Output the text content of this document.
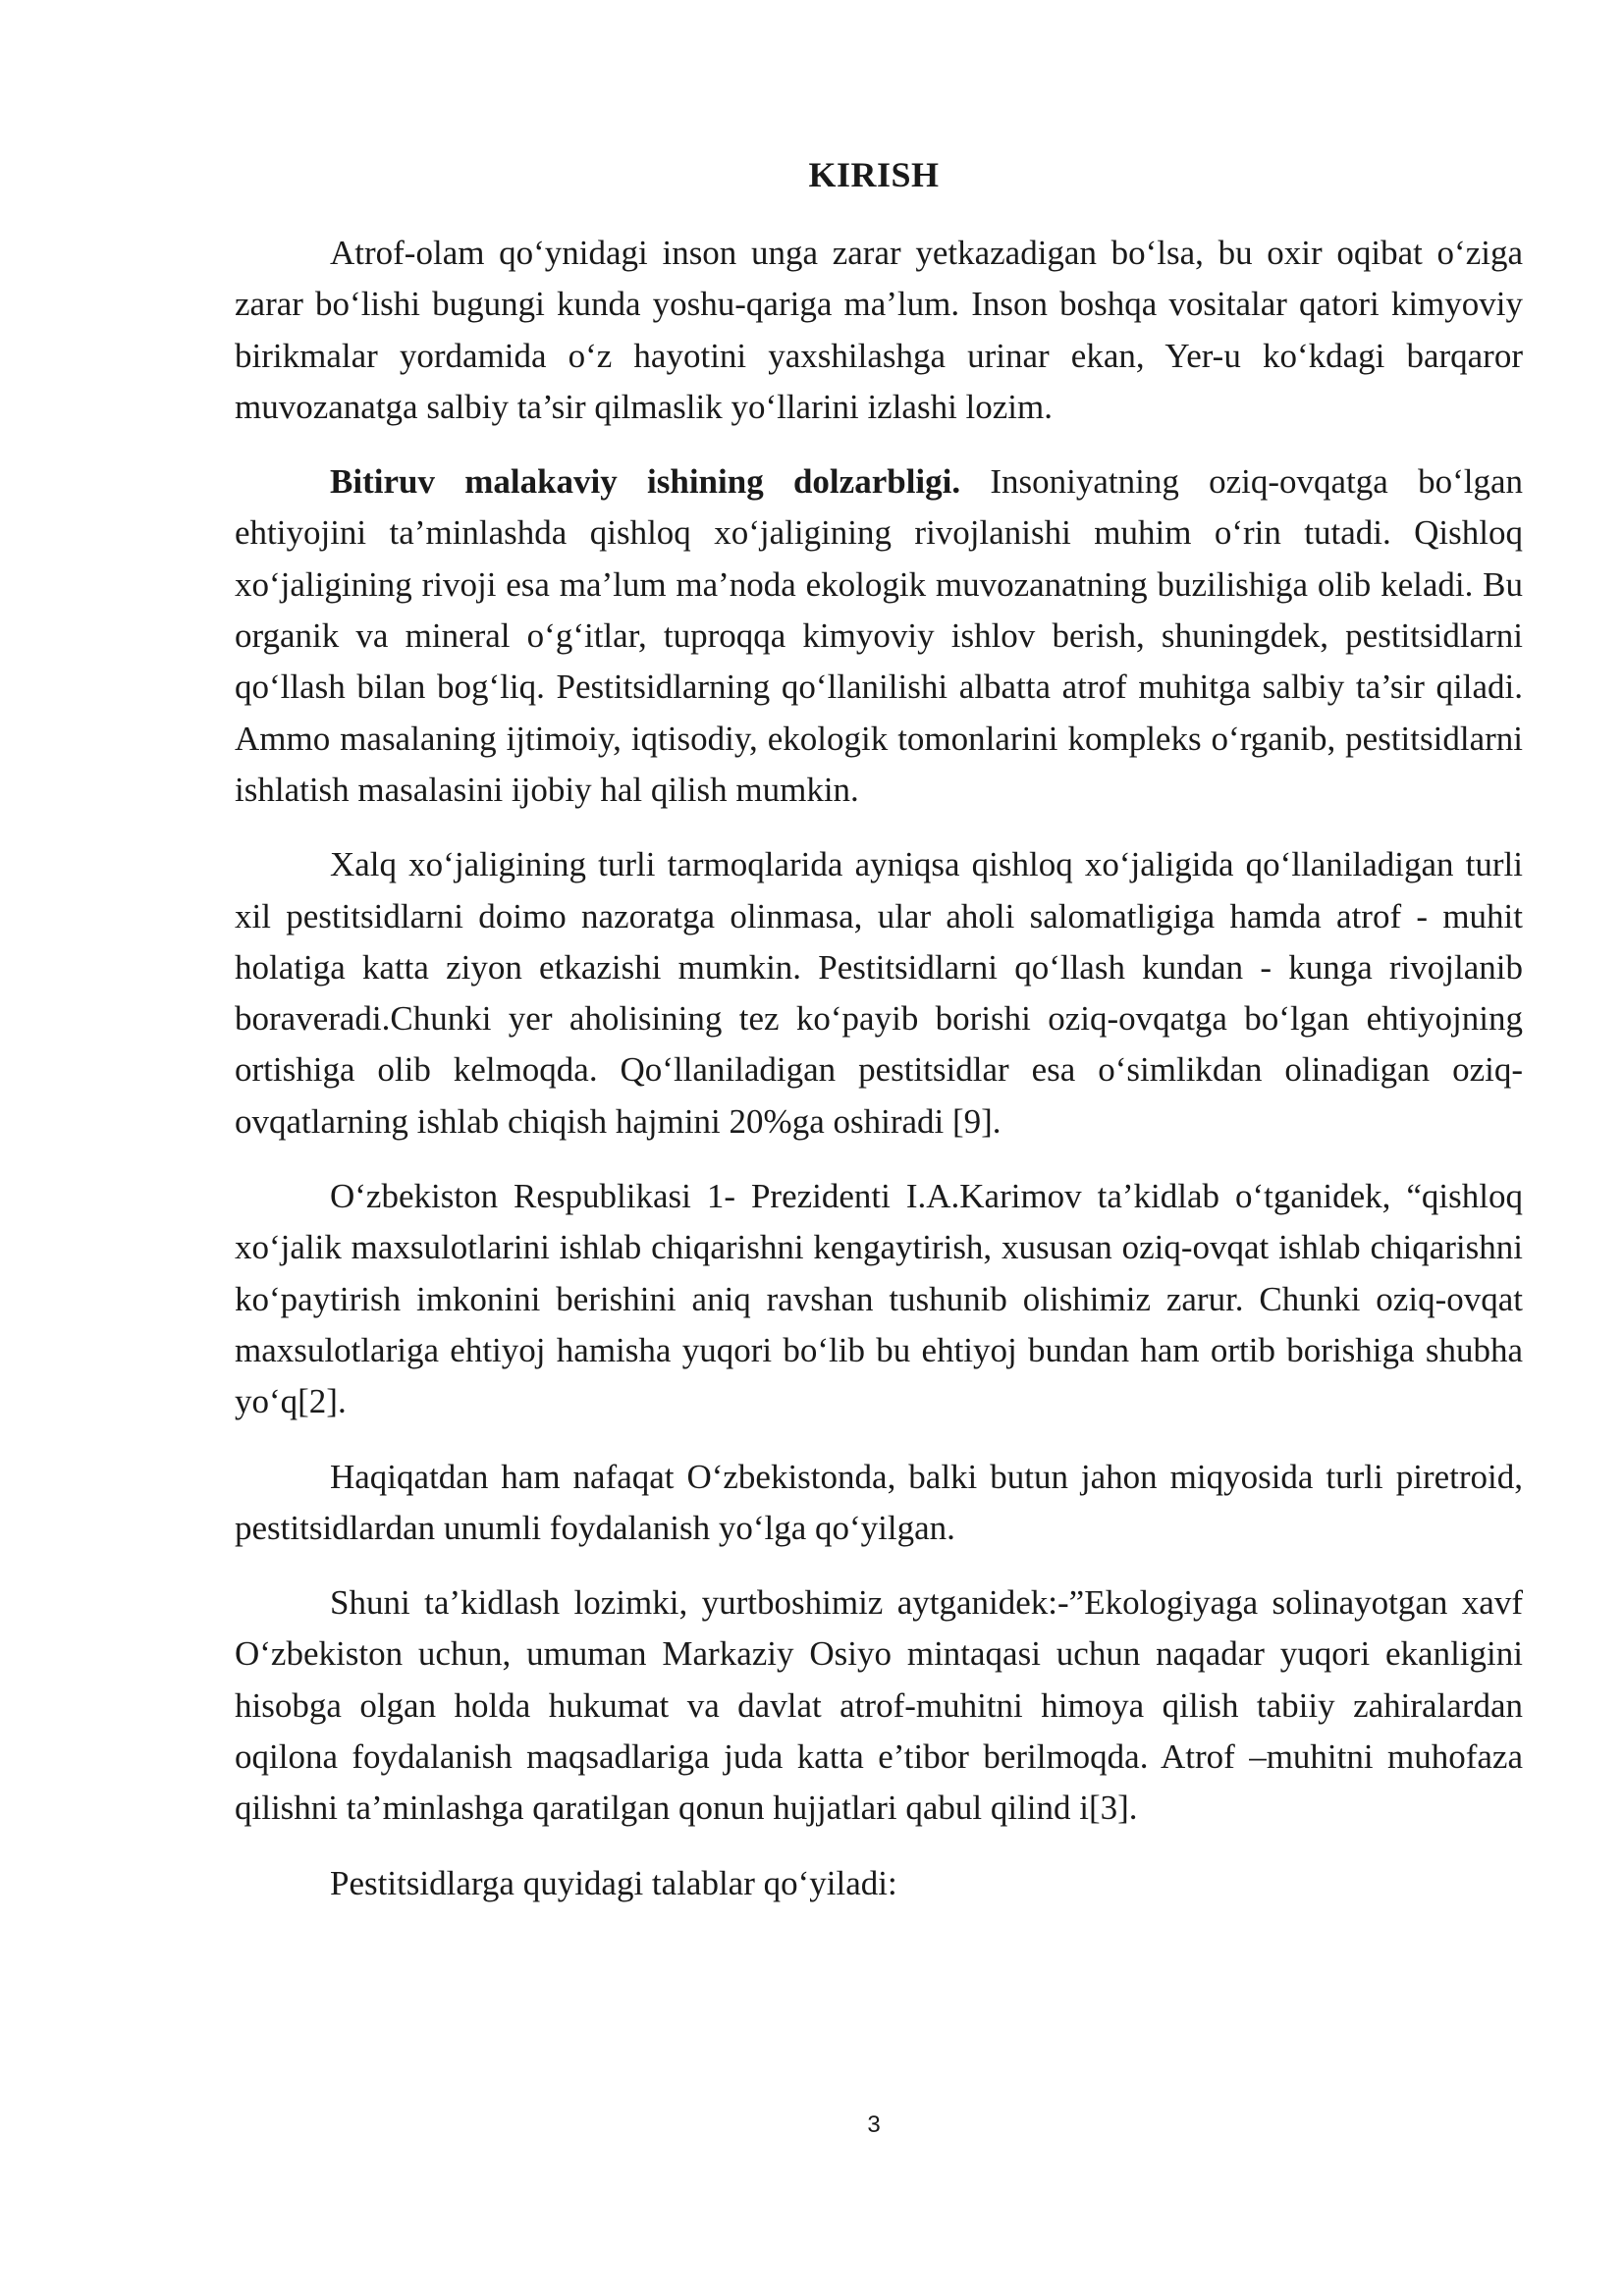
KIRISH

Atrof-olam qo‘ynidagi inson unga zarar yetkazadigan bo‘lsa, bu oxir oqibat o‘ziga zarar bo‘lishi bugungi kunda yoshu-qariga ma’lum. Inson boshqa vositalar qatori kimyoviy birikmalar yordamida o‘z hayotini yaxshilashga urinar ekan, Yer-u ko‘kdagi barqaror muvozanatga salbiy ta’sir qilmaslik yo‘llarini izlashi lozim.

Bitiruv malakaviy ishining dolzarbligi. Insoniyatning oziq-ovqatga bo‘lgan ehtiyojini ta’minlashda qishloq xo‘jaligining rivojlanishi muhim o‘rin tutadi. Qishloq xo‘jaligining rivoji esa ma’lum ma’noda ekologik muvozanatning buzilishiga olib keladi. Bu organik va mineral o‘g‘itlar, tuproqqa kimyoviy ishlov berish, shuningdek, pestitsidlarni qo‘llash bilan bog‘liq. Pestitsidlarning qo‘llanilishi albatta atrof muhitga salbiy ta’sir qiladi. Ammo masalaning ijtimoiy, iqtisodiy, ekologik tomonlarini kompleks o‘rganib, pestitsidlarni ishlatish masalasini ijobiy hal qilish mumkin.

Xalq xo‘jaligining turli tarmoqlarida ayniqsa qishloq xo‘jaligida qo‘llaniladigan turli xil pestitsidlarni doimo nazoratga olinmasa, ular aholi salomatligiga hamda atrof - muhit holatiga katta ziyon etkazishi mumkin. Pestitsidlarni qo‘llash kundan - kunga rivojlanib boraveradi.Chunki yer aholisining tez ko‘payib borishi oziq-ovqatga bo‘lgan ehtiyojning ortishiga olib kelmoqda. Qo‘llaniladigan pestitsidlar esa o‘simlikdan olinadigan oziq-ovqatlarning ishlab chiqish hajmini 20%ga oshiradi [9].

O‘zbekiston Respublikasi 1- Prezidenti I.A.Karimov ta’kidlab o‘tganidek, “qishloq xo‘jalik maxsulotlarini ishlab chiqarishni kengaytirish, xususan oziq-ovqat ishlab chiqarishni ko‘paytirish imkonini berishini aniq ravshan tushunib olishimiz zarur. Chunki oziq-ovqat maxsulotlariga ehtiyoj hamisha yuqori bo‘lib bu ehtiyoj bundan ham ortib borishiga shubha yo‘q[2].

Haqiqatdan ham nafaqat O‘zbekistonda, balki butun jahon miqyosida turli piretroid, pestitsidlardan unumli foydalanish yo‘lga qo‘yilgan.

Shuni ta’kidlash lozimki, yurtboshimiz aytganidek:-”Ekologiyaga solinayotgan xavf O‘zbekiston uchun, umuman Markaziy Osiyo mintaqasi uchun naqadar yuqori ekanligini hisobga olgan holda hukumat va davlat atrof-muhitni himoya qilish tabiiy zahiralardan oqilona foydalanish maqsadlariga juda katta e’tibor berilmoqda. Atrof –muhitni muhofaza qilishni ta’minlashga qaratilgan qonun hujjatlari qabul qilind i[3].

Pestitsidlarga quyidagi talablar qo‘yiladi:

3
